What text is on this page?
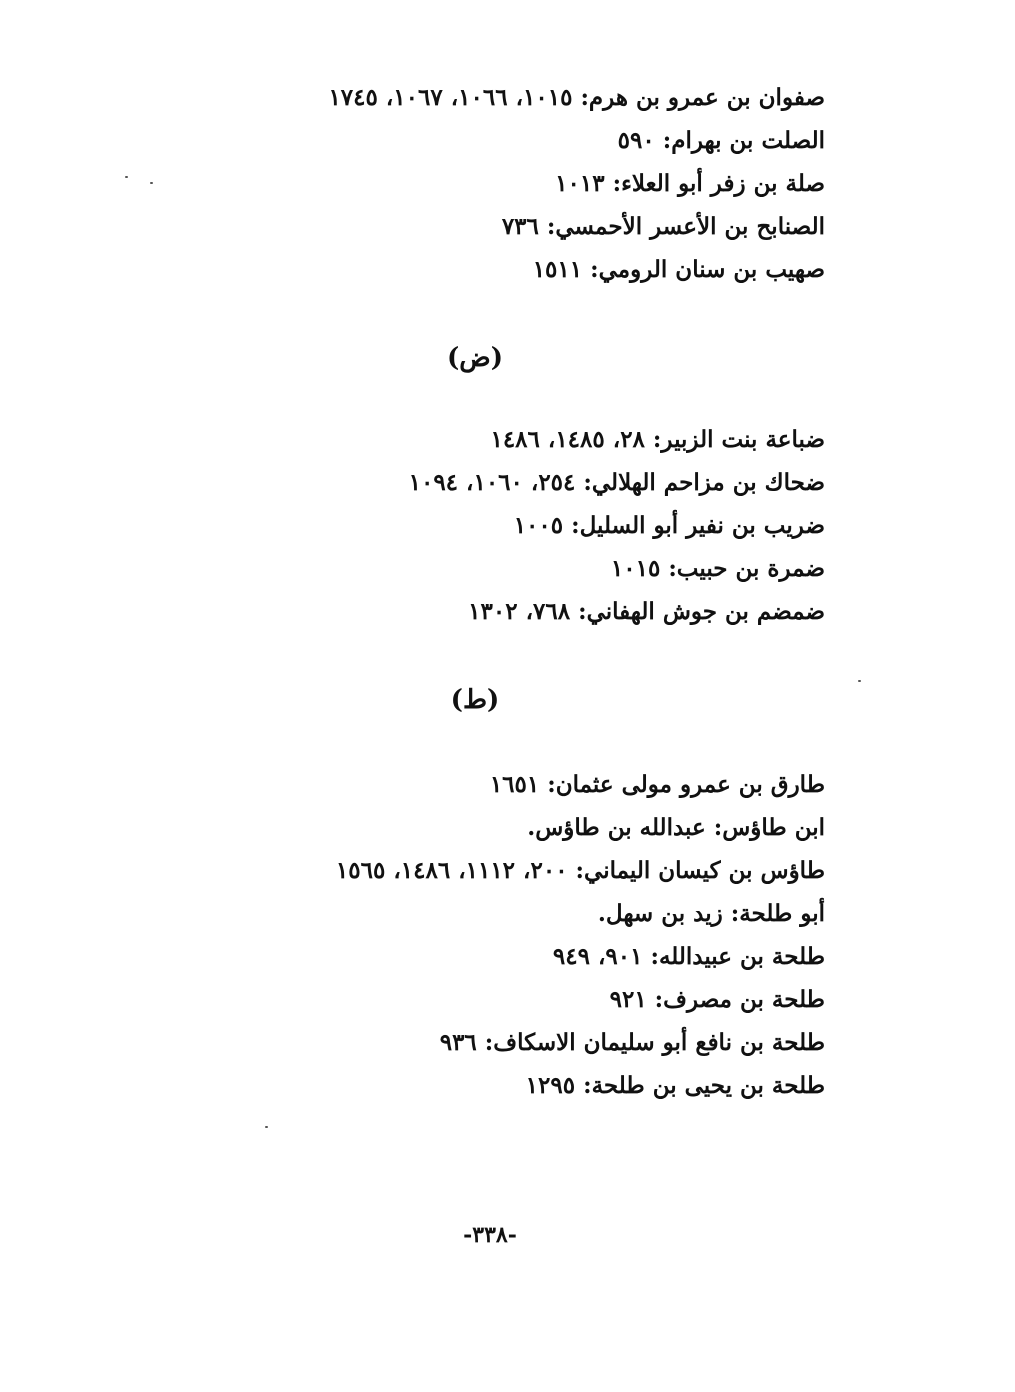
صفوان بن عمرو بن هرم: ١٠١٥، ١٠٦٦، ١٠٦٧، ١٧٤٥
الصلت بن بهرام: ٥٩٠
صلة بن زفر أبو العلاء: ١٠١٣
الصنابح بن الأعسر الأحمسي: ٧٣٦
صهيب بن سنان الرومي: ١٥١١
(ض)
ضباعة بنت الزبير: ٢٨، ١٤٨٥، ١٤٨٦
ضحاك بن مزاحم الهلالي: ٢٥٤، ١٠٦٠، ١٠٩٤
ضريب بن نفير أبو السليل: ١٠٠٥
ضمرة بن حبيب: ١٠١٥
ضمضم بن جوش الهفاني: ٧٦٨، ١٣٠٢
(ط)
طارق بن عمرو مولى عثمان: ١٦٥١
ابن طاؤس: عبدالله بن طاؤس.
طاؤس بن كيسان اليماني: ٢٠٠، ١١١٢، ١٤٨٦، ١٥٦٥
أبو طلحة: زيد بن سهل.
طلحة بن عبيدالله: ٩٠١، ٩٤٩
طلحة بن مصرف: ٩٢١
طلحة بن نافع أبو سليمان الاسكاف: ٩٣٦
طلحة بن يحيى بن طلحة: ١٢٩٥
-٣٣٨-
